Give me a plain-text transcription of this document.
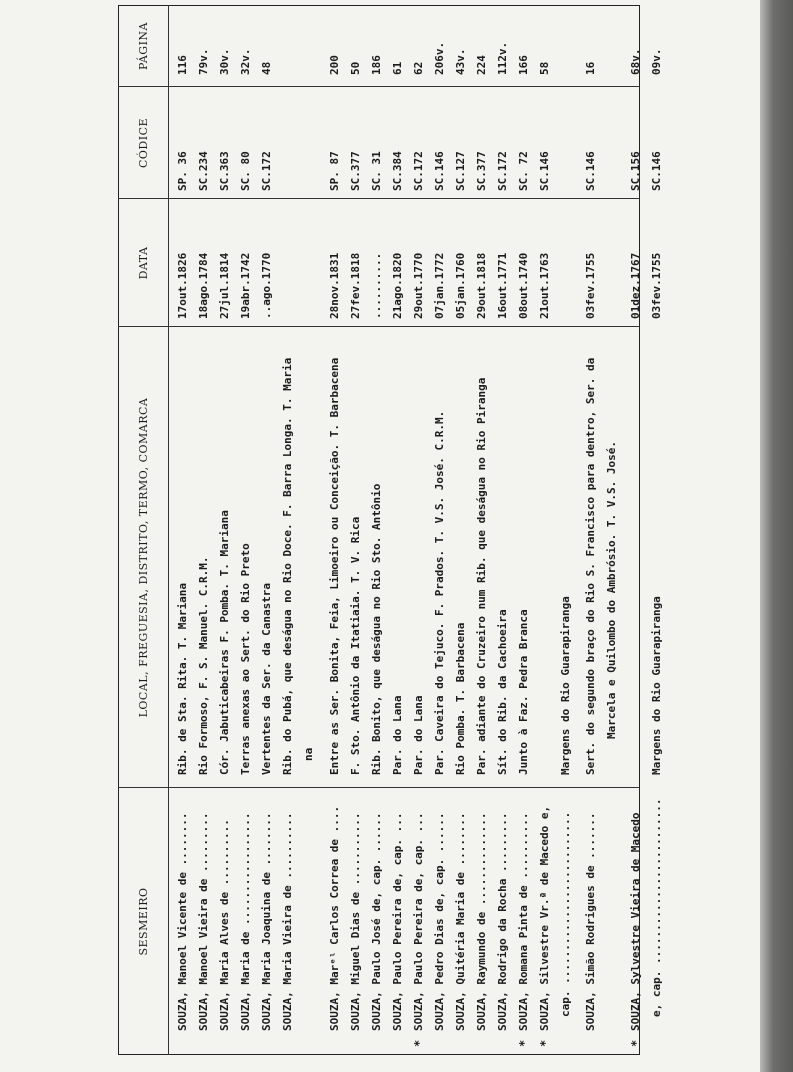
SESMEIRO
LOCAL, FREGUESIA, DISTRITO, TERMO, COMARCA
DATA
CÓDICE
PÁGINA
SOUZA, Manoel Vicente de ........
Rib. de Sta. Rita. T. Mariana
17out.1826
SP. 36
116
SOUZA, Manoel Vieira de .........
Rio Formoso, F. S. Manuel. C.R.M.
18ago.1784
SC.234
79v.
SOUZA, Maria Alves de ..........
Cór. Jabuticabeiras F. Pomba. T. Mariana
27jul.1814
SC.363
30v.
SOUZA, Maria de .................
Terras anexas ao Sert. do Rio Preto
19abr.1742
SC. 80
32v.
SOUZA, Maria Joaquina de ........
Vertentes da Ser. da Canastra
..ago.1770
SC.172
48
SOUZA, Maria Vieira de ..........
Rib. do Pubá, que deságua no Rio Doce. F. Barra Longa. T. Maria na
SOUZA, Marᵉˡ Carlos Correa de ....
Entre as Ser. Bonita, Feia, Limoeiro ou Conceição. T. Barbacena
28nov.1831
SP. 87
200
SOUZA, Miguel Dias de ...........
F. Sto. Antônio da Itatiaia. T. V. Rica
27fev.1818
SC.377
50
SOUZA, Paulo José de, cap. ......
Rib. Bonito, que deságua no Rio Sto. Antônio
..........
SC. 31
186
SOUZA, Paulo Pereira de, cap. ...
Par. do Lana
21ago.1820
SC.384
61
SOUZA, Paulo Pereira de, cap. ...
Par. do Lana
29out.1770
SC.172
62
*
SOUZA, Pedro Dias de, cap. ......
Par. Caveira do Tejuco. F. Prados. T. V.S. José. C.R.M.
07jan.1772
SC.146
206v.
SOUZA, Quitéria Maria de ........
Rio Pomba. T. Barbacena
05jan.1760
SC.127
43v.
SOUZA, Raymundo de ..............
Par. adiante do Cruzeiro num Rib. que deságua no Rio Piranga
29out.1818
SC.377
224
SOUZA, Rodrigo da Rocha .........
Sít. do Rib. da Cachoeira
16out.1771
SC.172
112v.
SOUZA, Romana Pinta de ..........
Junto à Faz. Pedra Branca
08out.1740
SC. 72
166
*
SOUZA, Silvestre Vr.ª de Macedo e,
21out.1763
SC.146
58
*
cap. ..........................
Margens do Rio Guarapiranga
SOUZA, Simão Rodrigues de .......
Sert. do segundo braço do Rio S. Francisco para dentro, Ser. da
03fev.1755
SC.146
16
Marcela e Quilombo do Ambrósio. T. V.S. José.
SOUZA, Sylvestre Vieira de Macedo
01dez.1767
SC.156
68v.
*
e, cap. .........................
Margens do Rio Guarapiranga
03fev.1755
SC.146
09v.
